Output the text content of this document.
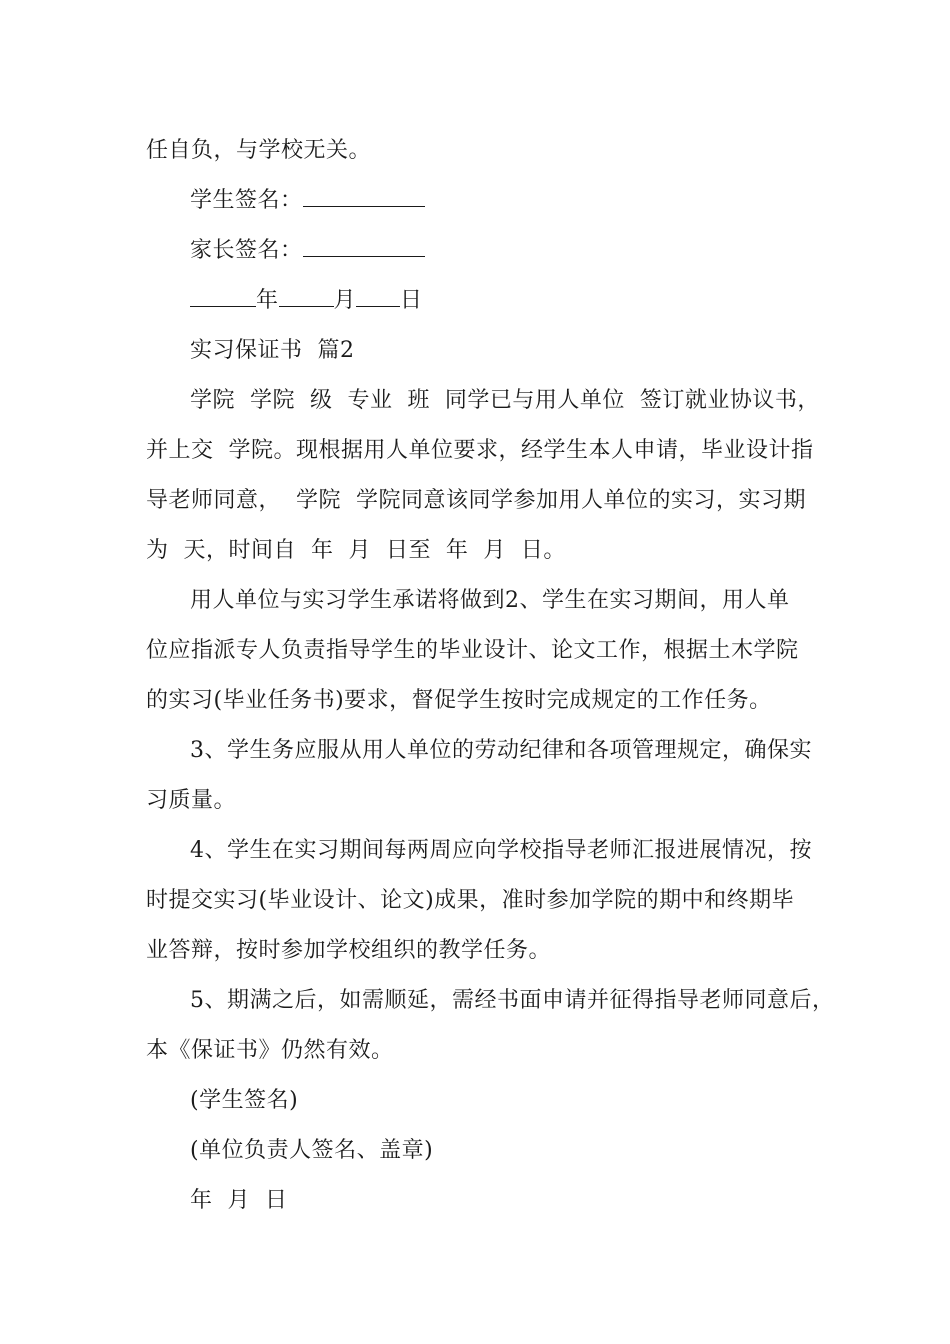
任自负，与学校无关。
学生签名：
家长签名：
年	月 日
实习保证书  篇2
学院  学院  级  专业  班  同学已与用人单位  签订就业协议书，
并上交  学院。现根据用人单位要求，经学生本人申请，毕业设计指
导老师同意，  学院  学院同意该同学参加用人单位的实习，实习期
为  天，时间自  年  月  日至  年  月  日。
用人单位与实习学生承诺将做到2、学生在实习期间，用人单
位应指派专人负责指导学生的毕业设计、论文工作，根据土木学院
的实习(毕业任务书)要求，督促学生按时完成规定的工作任务。
3、学生务应服从用人单位的劳动纪律和各项管理规定，确保实
习质量。
4、学生在实习期间每两周应向学校指导老师汇报进展情况，按
时提交实习(毕业设计、论文)成果，准时参加学院的期中和终期毕
业答辩，按时参加学校组织的教学任务。
5、期满之后，如需顺延，需经书面申请并征得指导老师同意后，
本《保证书》仍然有效。
(学生签名)
(单位负责人签名、盖章)
年  月  日
